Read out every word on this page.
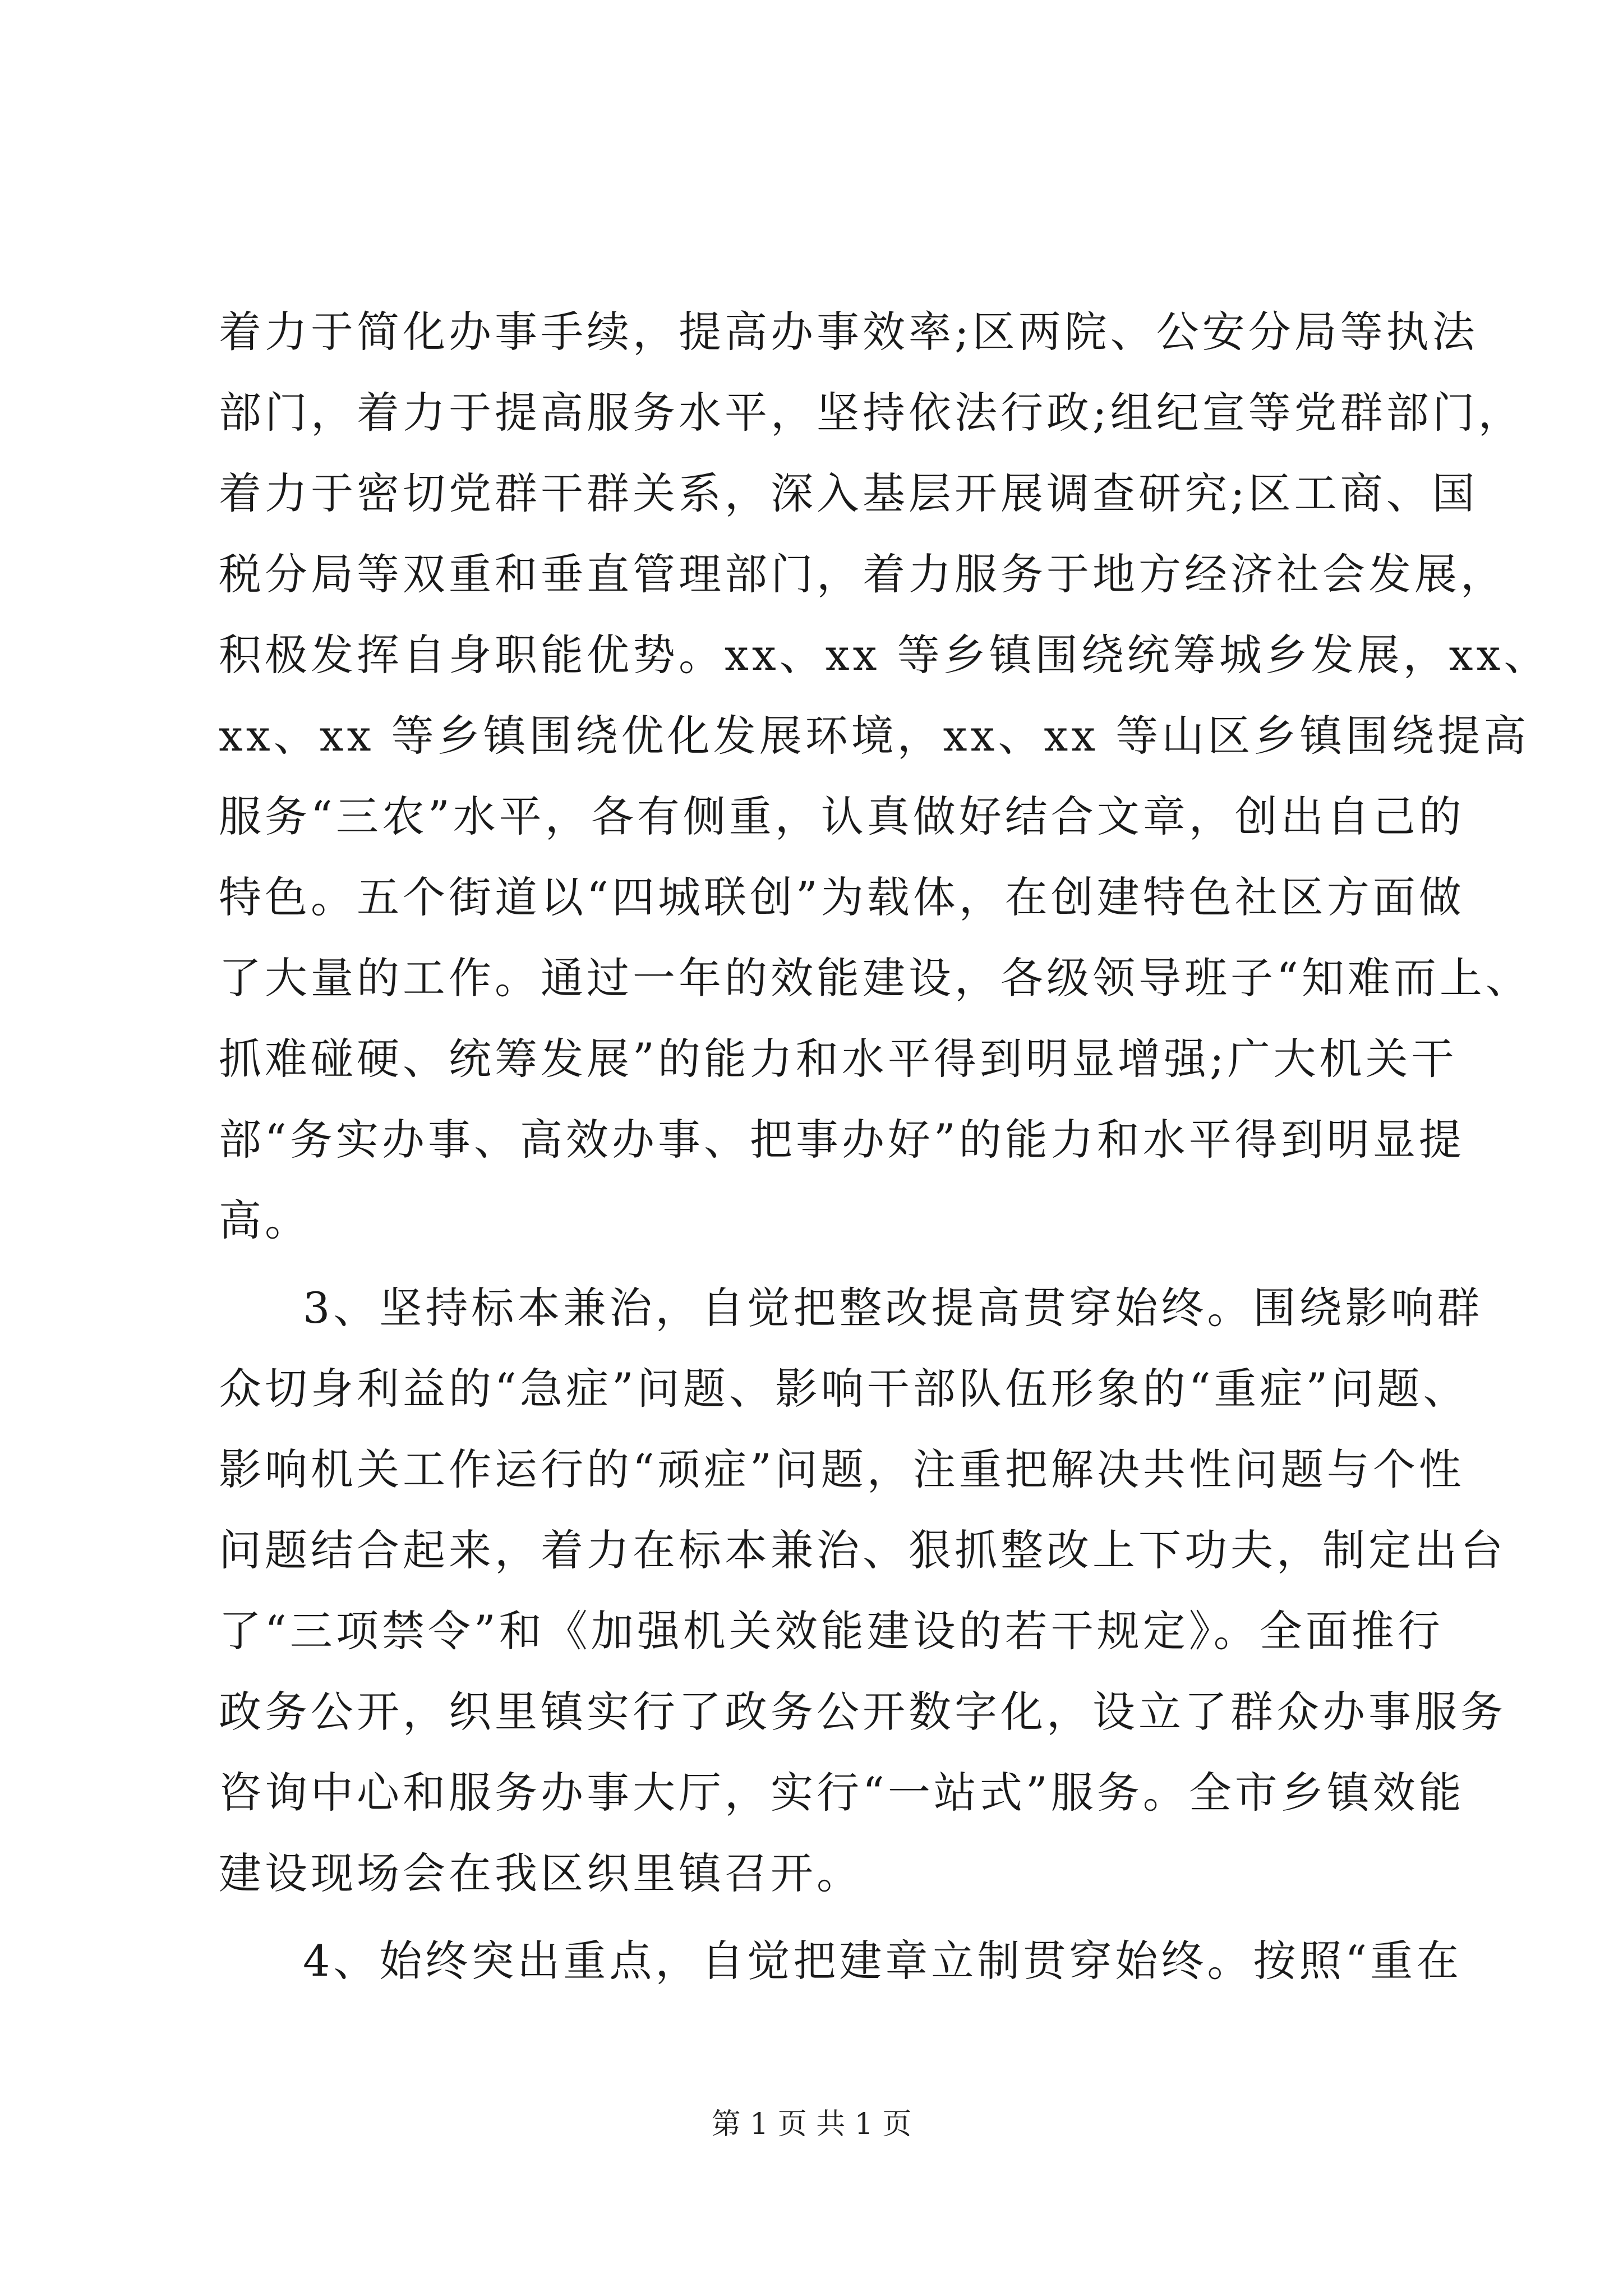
着力于简化办事手续，提高办事效率;区两院、公安分局等执法
部门，着力于提高服务水平，坚持依法行政;组纪宣等党群部门，
着力于密切党群干群关系，深入基层开展调查研究;区工商、国
税分局等双重和垂直管理部门，着力服务于地方经济社会发展，
积极发挥自身职能优势。xx、xx 等乡镇围绕统筹城乡发展，xx、
xx、xx 等乡镇围绕优化发展环境，xx、xx 等山区乡镇围绕提高
服务“三农”水平，各有侧重，认真做好结合文章，创出自己的
特色。五个街道以“四城联创”为载体，在创建特色社区方面做
了大量的工作。通过一年的效能建设，各级领导班子“知难而上、
抓难碰硬、统筹发展”的能力和水平得到明显增强;广大机关干
部“务实办事、高效办事、把事办好”的能力和水平得到明显提
高。
3、坚持标本兼治，自觉把整改提高贯穿始终。围绕影响群
众切身利益的“急症”问题、影响干部队伍形象的“重症”问题、
影响机关工作运行的“顽症”问题，注重把解决共性问题与个性
问题结合起来，着力在标本兼治、狠抓整改上下功夫，制定出台
了“三项禁令”和《加强机关效能建设的若干规定》。全面推行
政务公开，织里镇实行了政务公开数字化，设立了群众办事服务
咨询中心和服务办事大厅，实行“一站式”服务。全市乡镇效能
建设现场会在我区织里镇召开。
4、始终突出重点，自觉把建章立制贯穿始终。按照“重在
第 1 页 共 1 页
